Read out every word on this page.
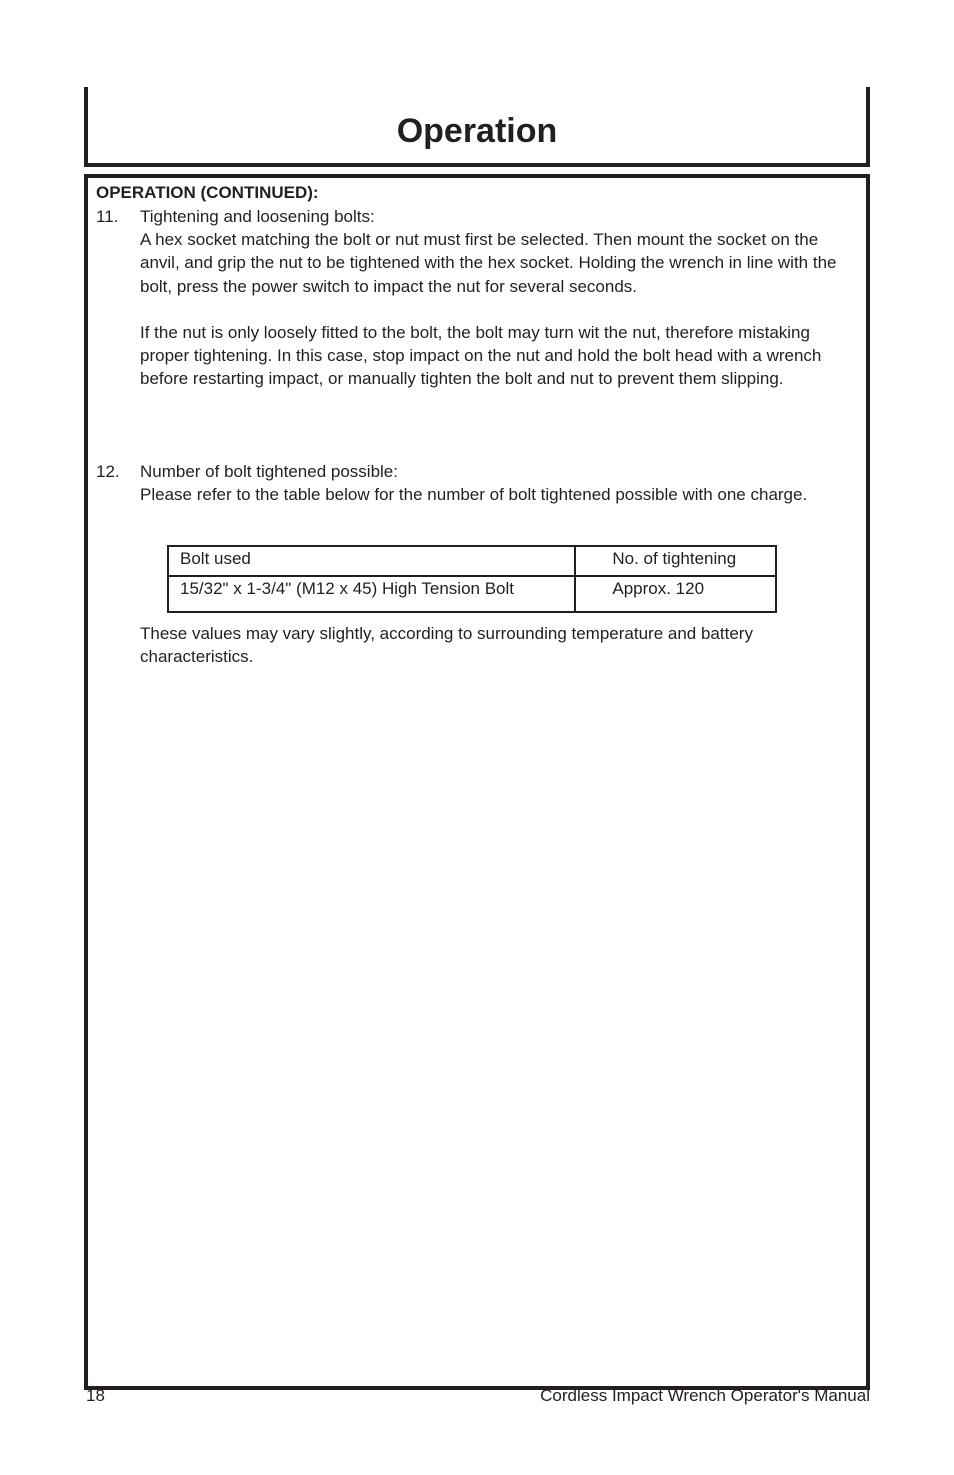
Operation
OPERATION (CONTINUED):
11. Tightening and loosening bolts:

A hex socket matching the bolt or nut must first be selected. Then mount the socket on the anvil, and grip the nut to be tightened with the hex socket. Holding the wrench in line with the bolt, press the power switch to impact the nut for several seconds.

If the nut is only loosely fitted to the bolt, the bolt may turn wit the nut, therefore mistaking proper tightening. In this case, stop impact on the nut and hold the bolt head with a wrench before restarting impact, or manually tighten the bolt and nut to prevent them slipping.

12. Number of bolt tightened possible:

Please refer to the table below for the number of bolt tightened possible with one charge.

Bolt used	No. of tightening
15/32" x 1-3/4" (M12 x 45) High Tension Bolt	Approx. 120

These values may vary slightly, according to surrounding temperature and battery characteristics.

18	Cordless Impact Wrench Operator's Manual
